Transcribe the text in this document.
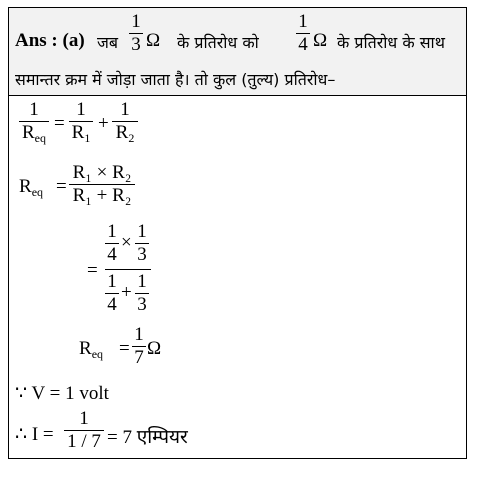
Ans : (a) जब
1
3 Ω के प्रतिरोध को
1
4 Ω के प्रतिरोध के साथ
समान्तर क्रम में जोड़ा जाता है। तो कुल (तुल्य) प्रतिरोध–
1
$R_{eq}$
=
1
$R_1$
+
1
$R_2$
$R_{eq}$ =
R₁ × R₂
R₁ + R₂
=
1
4
×
1
3
1
4
+
1
3
$R_{eq}$ =
1
7 Ω
∵ V = 1 volt
∴ I =
1
1 / 7 = 7 एम्पियर
